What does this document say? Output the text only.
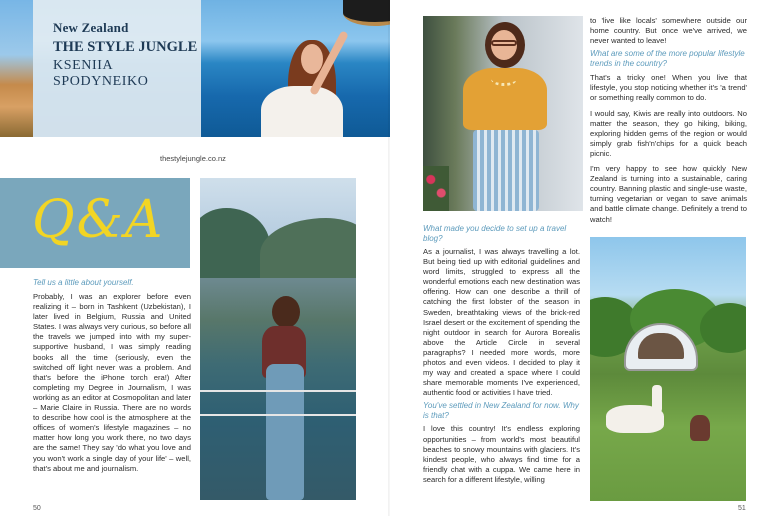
New Zealand
THE STYLE JUNGLE
KSENIIA SPODYNEIKO
thestylejungle.co.nz
Q&A

Tell us a little about yourself.

Probably, I was an explorer before even realizing it – born in Tashkent (Uzbekistan), I later lived in Belgium, Russia and United States. I was always very curious, so before all the travels we jumped into with my super-supportive husband, I was simply reading books all the time (seriously, even the switched off light never was a problem. And that's before the iPhone torch era!) After completing my Degree in Journalism, I was working as an editor at Cosmopolitan and later – Marie Claire in Russia. There are no words to describe how cool is the atmosphere at the offices of women's lifestyle magazines – no matter how long you work there, no two days are the same! They say 'do what you love and you won't work a single day of your life' – well, that's about me and journalism.

50

What made you decide to set up a travel blog?

As a journalist, I was always travelling a lot. But being tied up with editorial guidelines and word limits, struggled to express all the wonderful emotions each new destination was offering. How can one describe a thrill of catching the first lobster of the season in Sweden, breathtaking views of the brick-red Israel desert or the excitement of spending the night outdoor in search for Aurora Borealis above the Article Circle in several paragraphs? I needed more words, more photos and even videos. I decided to play it my way and created a space where I could share memorable moments I've experienced, authentic food or activities I have tried.

You've settled in New Zealand for now. Why is that?

I love this country! It's endless exploring opportunities – from world's most beautiful beaches to snowy mountains with glaciers. It's kindest people, who always find time for a friendly chat with a cuppa. We came here in search for a different lifestyle, willing

to 'live like locals' somewhere outside our home country. But once we've arrived, we never wanted to leave!

What are some of the more popular lifestyle trends in the country?

That's a tricky one! When you live that lifestyle, you stop noticing whether it's 'a trend' or something really common to do.

I would say, Kiwis are really into outdoors. No matter the season, they go hiking, biking, exploring hidden gems of the region or would simply grab fish'n'chips for a quick beach picnic.

I'm very happy to see how quickly New Zealand is turning into a sustainable, caring country. Banning plastic and single-use waste, turning vegetarian or vegan to save animals and battle climate change. Definitely a trend to watch!

51
